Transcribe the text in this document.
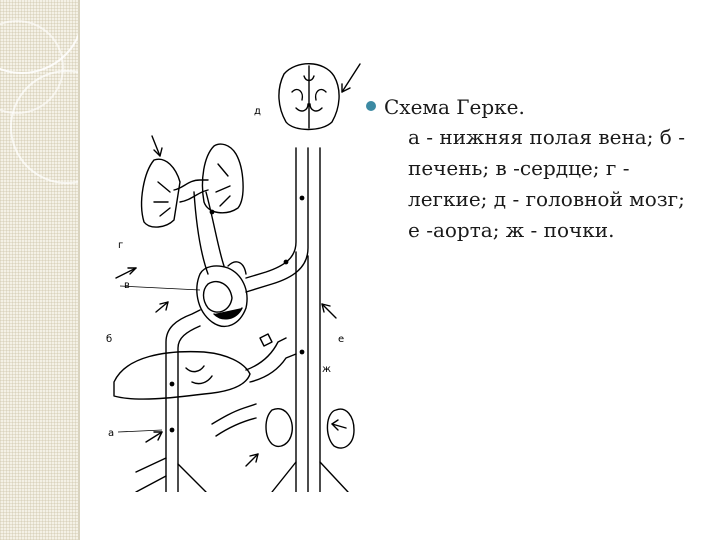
д
г
в
б	е
ж
а
Схема Герке.
а - нижняя полая вена; б - печень; в -сердце; г - легкие; д - головной мозг; е -аорта; ж - почки.
